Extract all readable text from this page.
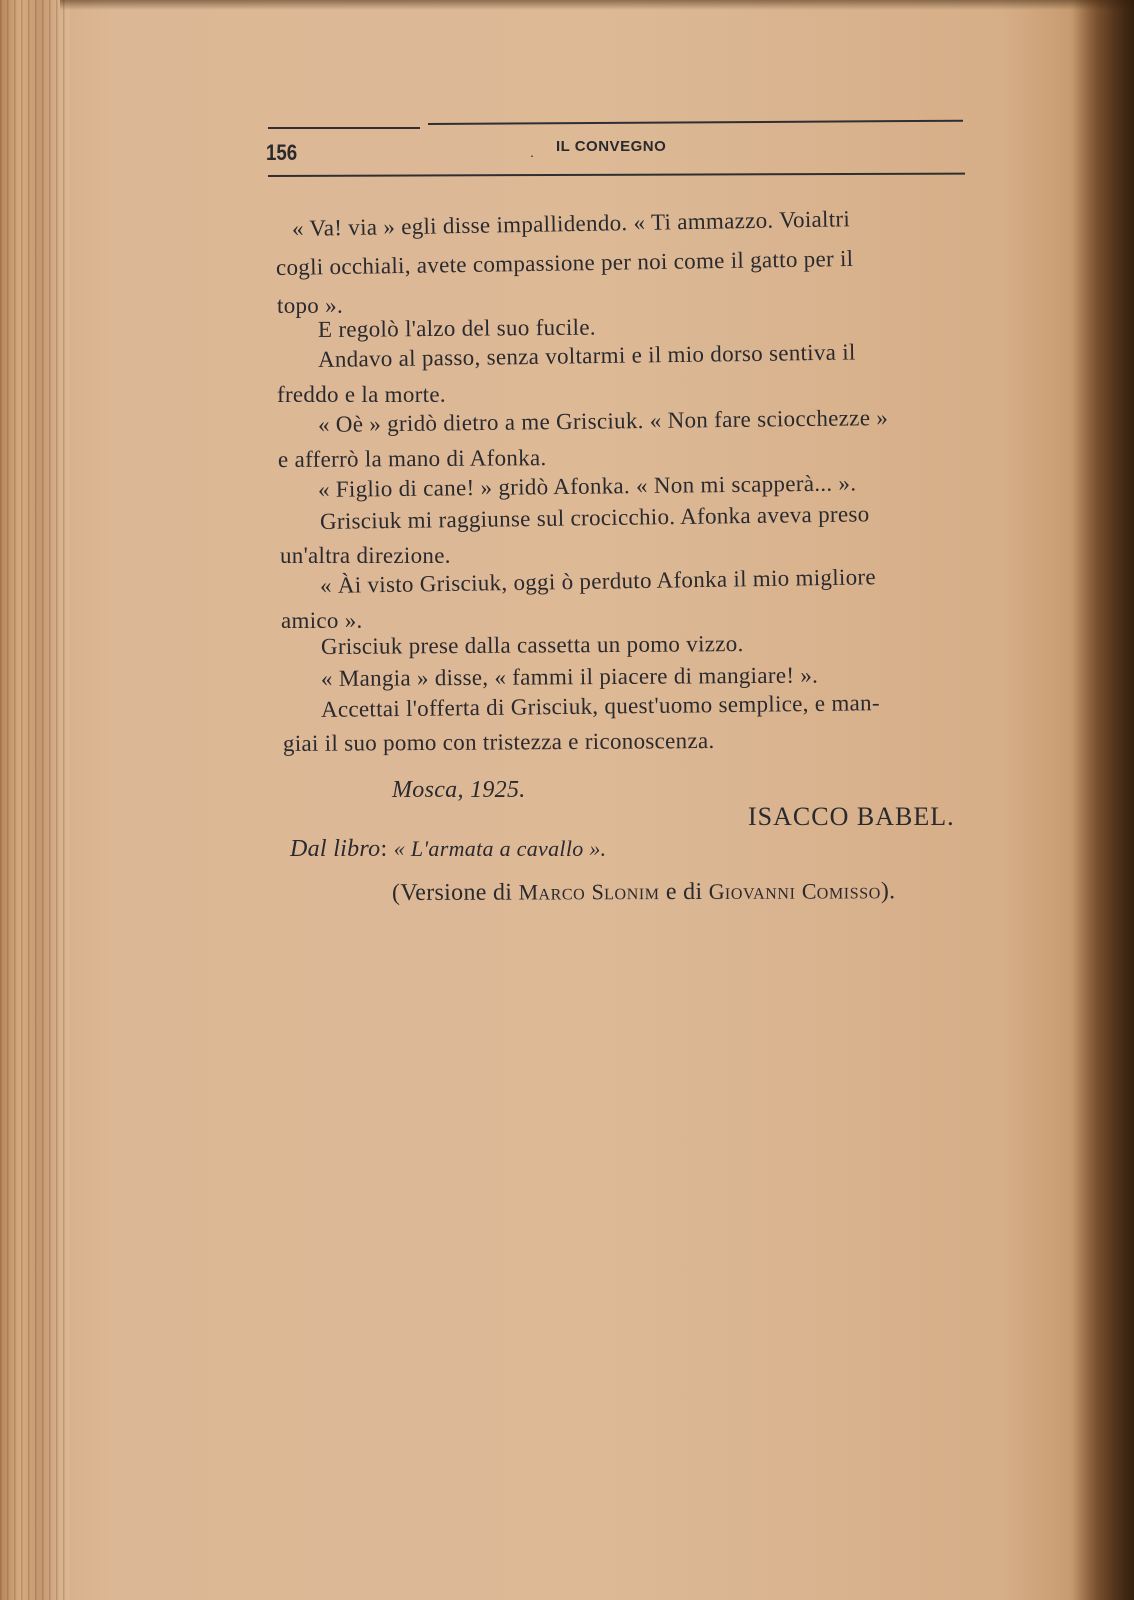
156	. IL CONVEGNO
« Va! via » egli disse impallidendo. « Ti ammazzo. Voialtri
cogli occhiali, avete compassione per noi come il gatto per il
topo ».
E regolò l'alzo del suo fucile.
Andavo al passo, senza voltarmi e il mio dorso sentiva il
freddo e la morte.
« Oè » gridò dietro a me Grisciuk. « Non fare sciocchezze »
e afferrò la mano di Afonka.
« Figlio di cane! » gridò Afonka. « Non mi scapperà... ».
Grisciuk mi raggiunse sul crocicchio. Afonka aveva preso
un'altra direzione.
« Ài visto Grisciuk, oggi ò perduto Afonka il mio migliore
amico ».
Grisciuk prese dalla cassetta un pomo vizzo.
« Mangia » disse, « fammi il piacere di mangiare! ».
Accettai l'offerta di Grisciuk, quest'uomo semplice, e man-
giai il suo pomo con tristezza e riconoscenza.
Mosca, 1925.
ISACCO BABEL.
Dal libro: « L'armata a cavallo ».
(Versione di MARCO SLONIM e di GIOVANNI COMISSO).
